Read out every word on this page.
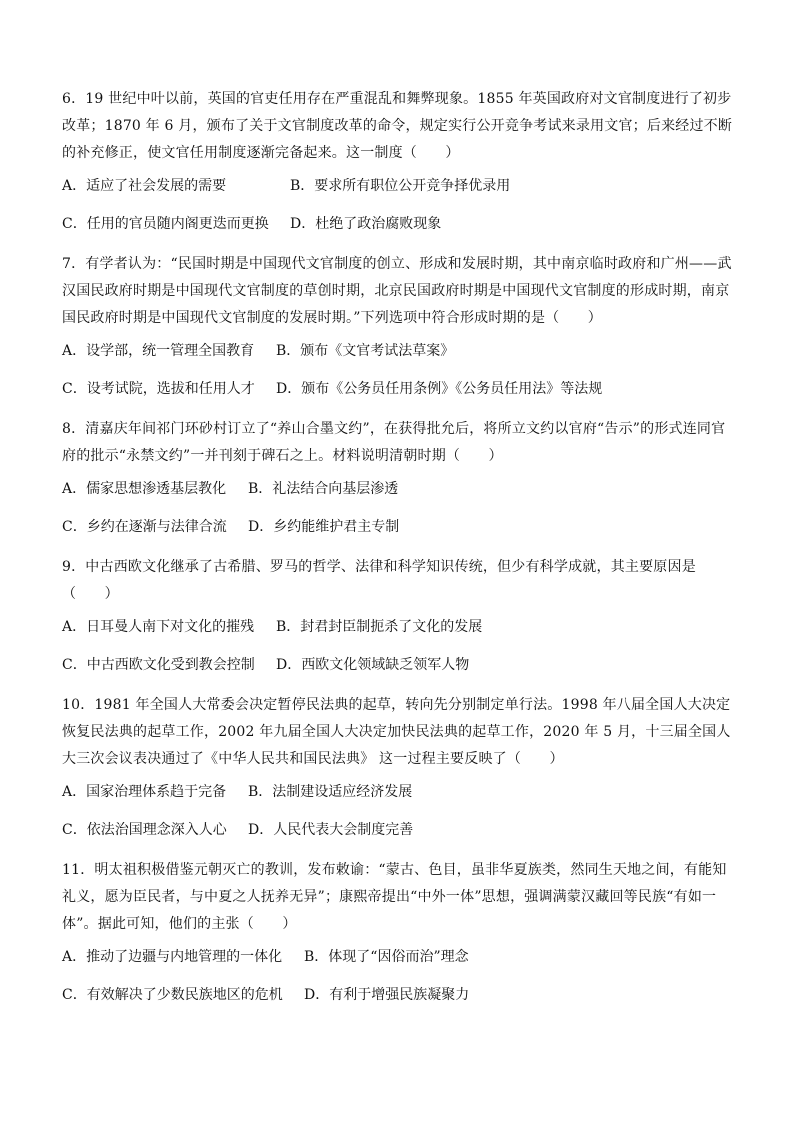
6．19 世纪中叶以前，英国的官吏任用存在严重混乱和舞弊现象。1855 年英国政府对文官制度进行了初步改革；1870 年 6 月，颁布了关于文官制度改革的命令，规定实行公开竞争考试来录用文官；后来经过不断的补充修正，使文官任用制度逐渐完备起来。这一制度（　　）

A．适应了社会发展的需要	B．要求所有职位公开竞争择优录用
C．任用的官员随内阁更迭而更换	D．杜绝了政治腐败现象

7．有学者认为：“民国时期是中国现代文官制度的创立、形成和发展时期，其中南京临时政府和广州——武汉国民政府时期是中国现代文官制度的草创时期，北京民国政府时期是中国现代文官制度的形成时期，南京国民政府时期是中国现代文官制度的发展时期。”下列选项中符合形成时期的是（　　）

A．设学部，统一管理全国教育	B．颁布《文官考试法草案》
C．设考试院，选拔和任用人才	D．颁布《公务员任用条例》《公务员任用法》等法规

8．清嘉庆年间祁门环砂村订立了“养山合墨文约”，在获得批允后，将所立文约以官府“告示”的形式连同官府的批示“永禁文约”一并刊刻于碑石之上。材料说明清朝时期（　　）

A．儒家思想渗透基层教化	B．礼法结合向基层渗透
C．乡约在逐渐与法律合流	D．乡约能维护君主专制

9．中古西欧文化继承了古希腊、罗马的哲学、法律和科学知识传统，但少有科学成就，其主要原因是（　　）

A．日耳曼人南下对文化的摧残	B．封君封臣制扼杀了文化的发展
C．中古西欧文化受到教会控制	D．西欧文化领域缺乏领军人物

10．1981 年全国人大常委会决定暂停民法典的起草，转向先分别制定单行法。1998 年八届全国人大决定恢复民法典的起草工作，2002 年九届全国人大决定加快民法典的起草工作，2020 年 5 月，十三届全国人大三次会议表决通过了《中华人民共和国民法典》 这一过程主要反映了（　　）

A．国家治理体系趋于完备	B．法制建设适应经济发展
C．依法治国理念深入人心	D．人民代表大会制度完善

11．明太祖积极借鉴元朝灭亡的教训，发布敕谕：“蒙古、色目，虽非华夏族类，然同生天地之间，有能知礼义，愿为臣民者，与中夏之人抚养无异”；康熙帝提出“中外一体”思想，强调满蒙汉藏回等民族“有如一体”。据此可知，他们的主张（　　）

A．推动了边疆与内地管理的一体化	B．体现了“因俗而治”理念
C．有效解决了少数民族地区的危机	D．有利于增强民族凝聚力
